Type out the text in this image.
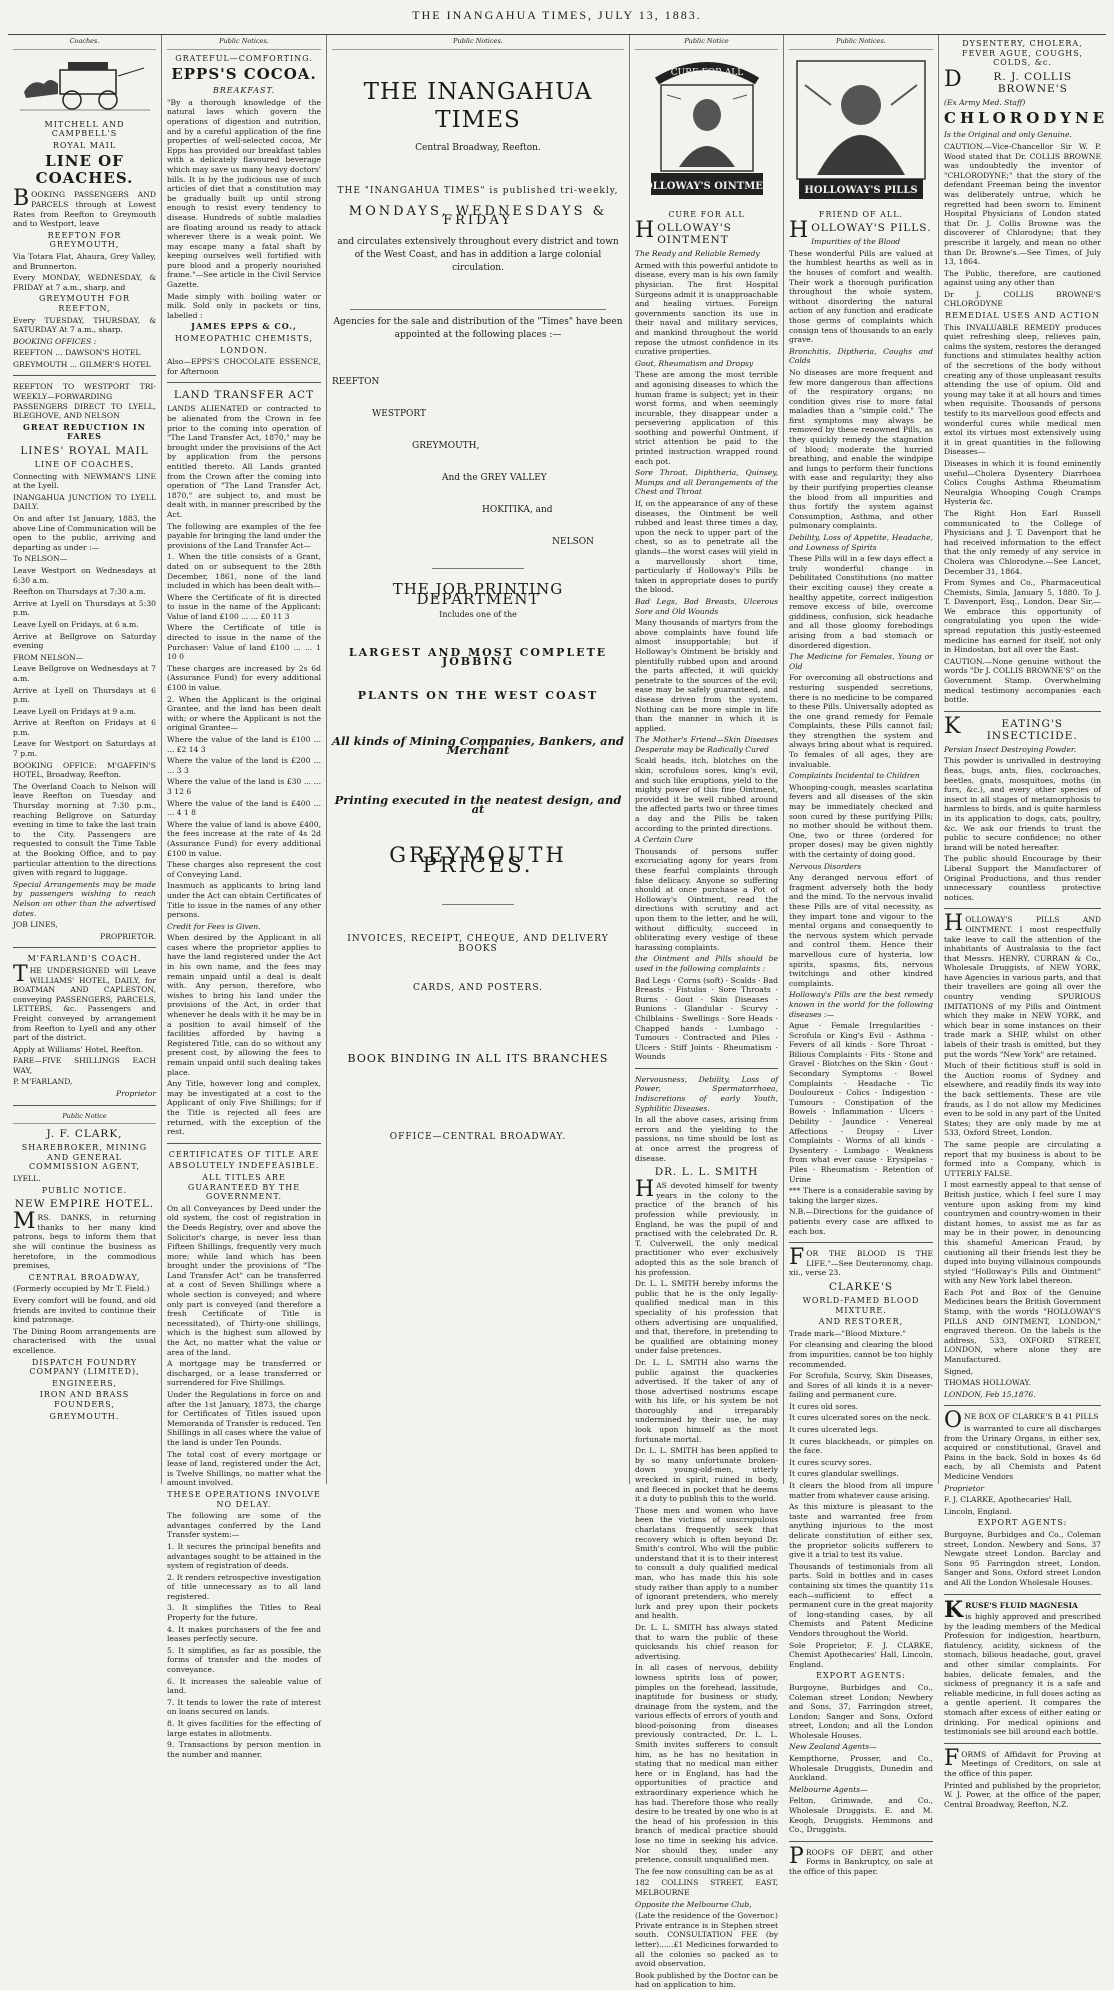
THE INANGAHUA TIMES, JULY 13, 1883.
Coaches.
MITCHELL AND CAMPBELL'S
ROYAL MAIL
LINE OF COACHES.
BOOKING PASSENGERS AND PARCELS through at Lowest Rates from Reefton to Greymouth and to Westport, leave
REEFTON FOR GREYMOUTH,
Via Totara Flat, Ahaura, Grey Valley, and Brunnerton.
Every MONDAY, WEDNESDAY, & FRIDAY at 7 a.m., sharp, and
GREYMOUTH FOR REEFTON,
Every TUESDAY, THURSDAY, & SATURDAY At 7 a.m., sharp.
BOOKING OFFICES :
REEFTON ... DAWSON'S HOTEL
GREYMOUTH ... GILMER'S HOTEL
REEFTON TO WESTPORT TRI-WEEKLY—FORWARDING PASSENGERS DIRECT TO LYELL, BLEGHOVE, AND NELSON
GREAT REDUCTION IN FARES
LINES' ROYAL MAIL
LINE OF COACHES,
Connecting with NEWMAN'S LINE at the Lyell.
INANGAHUA JUNCTION TO LYELL DAILY.
On and after 1st January, 1883, the above Line of Communication will be open to the public, arriving and departing as under :—
To NELSON—
Leave Westport on Wednesdays at 6:30 a.m.
Reefton on Thursdays at 7:30 a.m.
Arrive at Lyell on Thursdays at 5:30 p.m.
Leave Lyell on Fridays, at 6 a.m.
Arrive at Bellgrove on Saturday evening
FROM NELSON—
Leave Bellgrove on Wednesdays at 7 a.m.
Arrive at Lyell on Thursdays at 6 p.m.
Leave Lyell on Fridays at 9 a.m.
Arrive at Reefton on Fridays at 6 p.m.
Leave for Westport on Saturdays at 7 p.m.
BOOKING OFFICE: M'GAFFIN'S HOTEL, Broadway, Reefton.
The Overland Coach to Nelson will leave Reefton on Tuesday and Thursday morning at 7:30 p.m., reaching Bellgrove on Saturday evening in time to take the last train to the City. Passengers are requested to consult the Time Table at the Booking Office, and to pay particular attention to the directions given with regard to luggage.
Special Arrangements may be made by passengers wishing to reach Nelson on other than the advertised dates.
JOB LINES,
PROPRIETOR.
M'FARLAND'S COACH.
THE UNDERSIGNED will Leave WILLIAMS' HOTEL, DAILY, for BOATMAN AND CAPLESTON, conveying PASSENGERS, PARCELS, LETTERS, &c. Passengers and Freight conveyed by arrangement from Reefton to Lyell and any other part of the district.
Apply at Williams' Hotel, Reefton.
FARE—FIVE SHILLINGS EACH WAY,
P. M'FARLAND,
Proprietor
Public Notice
J. F. CLARK,
SHAREBROKER, MINING AND GENERAL COMMISSION AGENT,
LYELL.
PUBLIC NOTICE.
NEW EMPIRE HOTEL.
MRS. DANKS, in returning thanks to her many kind patrons, begs to inform them that she will continue the business as heretofore, in the commodious premises,
CENTRAL BROADWAY,
(Formerly occupied by Mr T. Field.)
Every comfort will be found, and old friends are invited to continue their kind patronage.
The Dining Room arrangements are characterised with the usual excellence.
DISPATCH FOUNDRY COMPANY (LIMITED),
ENGINEERS,
IRON AND BRASS FOUNDERS,
GREYMOUTH.
Public Notices.
GRATEFUL—COMFORTING.
EPPS'S COCOA.
BREAKFAST.
"By a thorough knowledge of the natural laws which govern the operations of digestion and nutrition, and by a careful application of the fine properties of well-selected cocoa, Mr Epps has provided our breakfast tables with a delicately flavoured beverage which may save us many heavy doctors' bills. It is by the judicious use of such articles of diet that a constitution may be gradually built up until strong enough to resist every tendency to disease. Hundreds of subtle maladies are floating around us ready to attack wherever there is a weak point. We may escape many a fatal shaft by keeping ourselves well fortified with pure blood and a properly nourished frame."—See article in the Civil Service Gazette.
Made simply with boiling water or milk. Sold only in packets or tins, labelled :
JAMES EPPS & CO.,
HOMEOPATHIC CHEMISTS,
LONDON.
Also—EPPS'S CHOCOLATE ESSENCE, for Afternoon
LAND TRANSFER ACT
LANDS ALIENATED or contracted to be alienated from the Crown in fee prior to the coming into operation of "The Land Transfer Act, 1870," may be brought under the provisions of the Act by application from the persons entitled thereto. All Lands granted from the Crown after the coming into operation of "The Land Transfer Act, 1870," are subject to, and must be dealt with, in manner prescribed by the Act.
The following are examples of the fee payable for bringing the land under the provisions of the Land Transfer Act—
1. When the title consists of a Grant, dated on or subsequent to the 28th December, 1861, none of the land included in which has been dealt with—
Where the Certificate of fit is directed to issue in the name of the Applicant: Value of land £100 ... ... £0 11 3
Where the Certificate of title is directed to issue in the name of the Purchaser: Value of land £100 ... ... 1 10 0
These charges are increased by 2s 6d (Assurance Fund) for every additional £100 in value.
2. When the Applicant is the original Grantee, and the land has been dealt with; or where the Applicant is not the original Grantee—
Where the value of the land is £100 ... ... £2 14 3
Where the value of the land is £200 ... ... 3 3
Where the value of the land is £30 ... ... 3 12 6
Where the value of the land is £400 ... ... 4 1 8
Where the value of land is above £400, the fees increase at the rate of 4s 2d (Assurance Fund) for every additional £100 in value.
These charges also represent the cost of Conveying Land.
Inasmuch as applicants to bring land under the Act can obtain Certificates of Title to issue in the names of any other persons.
Credit for Fees is Given.
When desired by the Applicant in all cases where the proprietor applies to have the land registered under the Act in his own name, and the fees may remain unpaid until a deal is dealt with. Any person, therefore, who wishes to bring his land under the provisions of the Act, in order that whenever he deals with it he may be in a position to avail himself of the facilities afforded by having a Registered Title, can do so without any present cost, by allowing the fees to remain unpaid until such dealing takes place.
Any Title, however long and complex, may be investigated at a cost to the Applicant of only Five Shillings; for if the Title is rejected all fees are returned, with the exception of the rest.
CERTIFICATES OF TITLE ARE
ABSOLUTELY INDEFEASIBLE.
ALL TITLES ARE GUARANTEED BY THE GOVERNMENT.
On all Conveyances by Deed under the old system, the cost of registration in the Deeds Registry, over and above the Solicitor's charge, is never less than Fifteen Shillings, frequently very much more; while land which has been brought under the provisions of "The Land Transfer Act" can be transferred at a cost of Seven Shillings where a whole section is conveyed; and where only part is conveyed (and therefore a fresh Certificate of Title is necessitated), of Thirty-one shillings, which is the highest sum allowed by the Act, no matter what the value or area of the land.
A mortgage may be transferred or discharged, or a lease transferred or surrendered for Five Shillings.
Under the Regulations in force on and after the 1st January, 1873, the charge for Certificates of Titles issued upon Memoranda of Transfer is reduced. Ten Shillings in all cases where the value of the land is under Ten Pounds.
The total cost of every mortgage or lease of land, registered under the Act, is Twelve Shillings, no matter what the amount involved.
THESE OPERATIONS INVOLVE NO DELAY.
The following are some of the advantages conferred by the Land Transfer system:—
1. It secures the principal benefits and advantages sought to be attained in the system of registration of deeds.
2. It renders retrospective investigation of title unnecessary as to all land registered.
3. It simplifies the Titles to Real Property for the future.
4. It makes purchasers of the fee and leases perfectly secure.
5. It simplifies, as far as possible, the forms of transfer and the modes of conveyance.
6. It increases the saleable value of land.
7. It tends to lower the rate of interest on loans secured on lands.
8. It gives facilities for the effecting of large estates in allotments.
9. Transactions by person mention in the number and manner.
Public Notices.
THE INANGAHUA TIMES
Central Broadway, Reefton.
THE "INANGAHUA TIMES" is published tri-weekly,
MONDAYS, WEDNESDAYS & FRIDAY
and circulates extensively throughout every district and town of the West Coast, and has in addition a large colonial circulation.
Agencies for the sale and distribution of the "Times" have been appointed at the following places :—
REEFTON
WESTPORT
GREYMOUTH,
And the GREY VALLEY
HOKITIKA, and
NELSON
THE JOB PRINTING DEPARTMENT
Includes one of the
LARGEST AND MOST COMPLETE JOBBING
PLANTS ON THE WEST COAST
All kinds of Mining Companies, Bankers, and Merchant
Printing executed in the neatest design, and at
GREYMOUTH PRICES.
INVOICES, RECEIPT, CHEQUE, AND DELIVERY BOOKS
CARDS, AND POSTERS.
BOOK BINDING IN ALL ITS BRANCHES
OFFICE—CENTRAL BROADWAY.
Public Notice
CURE FOR ALL
HOLLOWAY'S OINTMENT
CURE FOR ALL
HOLLOWAY'S OINTMENT
The Ready and Reliable Remedy
Armed with this powerful antidote to disease, every man is his own family physician. The first Hospital Surgeons admit it is unapproachable and healing virtues. Foreign governments sanction its use in their naval and military services, and mankind throughout the world repose the utmost confidence in its curative properties.
Gout, Rheumatism and Dropsy
These are among the most terrible and agonising diseases to which the human frame is subject; yet in their worst forms, and when seemingly incurable, they disappear under a persevering application of this soothing and powerful Ointment, if strict attention be paid to the printed instruction wrapped round each pot.
Sore Throat, Diphtheria, Quinsey, Mumps and all Derangements of the Chest and Throat
If, on the appearance of any of these diseases, the Ointment be well rubbed and least three times a day, upon the neck to upper part of the chest, so as to penetrate all the glands—the worst cases will yield in a marvellously short time, particularly if Holloway's Pills be taken in appropriate doses to purify the blood.
Bad Legs, Bad Breasts, Ulcerous Sore and Old Wounds
Many thousands of martyrs from the above complaints have found life almost insupportable; but if Holloway's Ointment be briskly and plentifully rubbed upon and around the parts affected, it will quickly penetrate to the sources of the evil; ease may be safely guaranteed, and disease driven from the system. Nothing can be more simple in life than the manner in which it is applied.
The Mother's Friend—Skin Diseases Desperate may be Radically Cured
Scald heads, itch, blotches on the skin, scrofulous sores, king's evil, and such like eruptions, yield to the mighty power of this fine Ointment, provided it be well rubbed around the affected parts two or three times a day and the Pills be taken according to the printed directions.
A Certain Cure
Thousands of persons suffer excruciating agony for years from these fearful complaints through false delicacy. Anyone so suffering should at once purchase a Pot of Holloway's Ointment, read the directions with scrutiny and act upon them to the letter, and he will, without difficulty, succeed in obliterating every vestige of these harassing complaints.
the Ointment and Pills should be used in the following complaints :
Bad Legs · Corns (soft) · Scalds · Bad Breasts · Fistulas · Sore Throats · Burns · Gout · Skin Diseases · Bunions · Glandular · Scurvy · Chilblains · Swellings · Sore Heads · Chapped hands · Lumbago · Tumours · Contracted and Piles · Ulcers · Stiff Joints · Rheumatism · Wounds
Nervousness, Debility, Loss of Power, Spermatorrhoea, Indiscretions of early Youth, Syphilitic Diseases.
In all the above cases, arising from errors and the yielding to the passions, no time should be lost as at once arrest the progress of disease.
DR. L. L. SMITH
HAS devoted himself for twenty years in the colony to the practice of the branch of his profession while previously, in England, he was the pupil of and practised with the celebrated Dr. R. T. Culverwell, the only medical practitioner who ever exclusively adopted this as the sole branch of his profession.
Dr. L. L. SMITH hereby informs the public that he is the only legally-qualified medical man in this speciality of his profession that others advertising are unqualified, and that, therefore, in pretending to be qualified are obtaining money under false pretences.
Dr. L. L. SMITH also warns the public against the quackeries advertised. If the taker of any of those advertised nostrums escape with his life, or his system be not thoroughly and irreparably undermined by their use, he may look upon himself as the most fortunate mortal.
Dr. L. L. SMITH has been applied to by so many unfortunate broken-down young-old-men, utterly wrecked in spirit, ruined in body, and fleeced in pocket that he deems it a duty to publish this to the world.
Those men and women who have been the victims of unscrupulous charlatans frequently seek that recovery which is often beyond Dr. Smith's control. Who will the public understand that it is to their interest to consult a duly qualified medical man, who has made this his sole study rather than apply to a number of ignorant pretenders, who merely lurk and prey upon their pockets and health.
Dr. L. L. SMITH has always stated that to warn the public of these quicksands his chief reason for advertising.
In all cases of nervous, debility lowness spirits loss of power, pimples on the forehead, lassitude, inaptitude for business or study, drainage from the system, and the various effects of errors of youth and blood-poisoning from diseases previously contracted, Dr. L. L. Smith invites sufferers to consult him, as he has no hesitation in stating that no medical man either here or in England, has had the opportunities of practice and extraordinary experience which he has had. Therefore those who really desire to be treated by one who is at the head of his profession in this branch of medical practice should lose no time in seeking his advice. Nor should they, under any pretence, consult unqualified men.
The fee now consulting can be as at
182 COLLINS STREET, EAST, MELBOURNE
Opposite the Melbourne Club,
(Late the residence of the Governor.) Private entrance is in Stephen street south. CONSULTATION FEE (by letter)......£1 Medicines forwarded to all the colonies so packed as to avoid observation.
Book published by the Doctor can be had on application to him.
Public Notices.
HOLLOWAY'S PILLS
FRIEND OF ALL.
HOLLOWAY'S PILLS.
Impurities of the Blood
These wonderful Pills are valued at the humblest hearths as well as in the houses of comfort and wealth. Their work a thorough purification throughout the whole system, without disordering the natural action of any function and eradicate those germs of complaints which consign tens of thousands to an early grave.
Bronchitis, Diptheria, Coughs and Colds
No diseases are more frequent and few more dangerous than affections of the respiratory organs; no condition gives rise to more fatal maladies than a "simple cold." The first symptoms may always be removed by these renowned Pills, as they quickly remedy the stagnation of blood; moderate the hurried breathing, and enable the windpipe and lungs to perform their functions with ease and regularity; they also by their purifying properties cleanse the blood from all impurities and thus fortify the system against Consumption, Asthma, and other pulmonary complaints.
Debility, Loss of Appetite, Headache, and Lowness of Spirits
These Pills will in a few days effect a truly wonderful change in Debilitated Constitutions (no matter their exciting cause) they create a healthy appetite, correct indigestion remove excess of bile, overcome giddiness, confusion, sick headache and all those gloomy forebodings arising from a bad stomach or disordered digestion.
The Medicine for Females, Young or Old
For overcoming all obstructions and restoring suspended secretions, there is no medicine to be compared to these Pills. Universally adopted as the one grand remedy for Female Complaints, these Pills cannot fail; they strengthen the system and always bring about what is required. To females of all ages, they are invaluable.
Complaints Incidental to Children
Whooping-cough, measles scarlatina fevers and all diseases of the skin may be immediately checked and soon cured by these purifying Pills; no mother should be without them. One, two or three (ordered for proper doses) may be given nightly with the certainty of doing good.
Nervous Disorders
Any deranged nervous effort of fragment adversely both the body and the mind. To the nervous invalid these Pills are of vital necessity, as they impart tone and vigour to the mental organs and consequently to the nervous system which pervade and control them. Hence their marvellous cure of hysteria, low spirits, spasms, fits, nervous twitchings and other kindred complaints.
Holloway's Pills are the best remedy known in the world for the following diseases :—
Ague · Female Irregularities · Scrofula or King's Evil · Asthma · Fevers of all kinds · Sore Throat · Bilious Complaints · Fits · Stone and Gravel · Blotches on the Skin · Gout · Secondary Symptoms · Bowel Complaints · Headache · Tic Douloureux · Colics · Indigestion · Tumours · Constipation of the Bowels · Inflammation · Ulcers · Debility · Jaundice · Venereal Affections · Dropsy · Liver Complaints · Worms of all kinds · Dysentery · Lumbago · Weakness from what ever cause · Erysipelas · Piles · Rheumatism · Retention of Urine
*** There is a considerable saving by taking the larger sizes.
N.B.—Directions for the guidance of patients every case are affixed to each box.
FOR THE BLOOD IS THE LIFE."—See Deuteronomy, chap. xii., verse 23.
CLARKE'S
WORLD-FAMED BLOOD MIXTURE.
AND RESTORER,
Trade mark—"Blood Mixture."
For cleansing and clearing the blood from impurities, cannot be too highly recommended.
For Scrofula, Scurvy, Skin Diseases, and Sores of all kinds it is a never-failing and permanent cure.
It cures old sores.
It cures ulcerated sores on the neck.
It cures ulcerated legs.
It cures blackheads, or pimples on the face.
It cures scurvy sores.
It cures glandular swellings.
It clears the blood from all impure matter from whatever cause arising.
As this mixture is pleasant to the taste and warranted free from anything injurious to the most delicate constitution of either sex, the proprietor solicits sufferers to give it a trial to test its value.
Thousands of testimonials from all parts. Sold in bottles and in cases containing six times the quantity 11s each—sufficient to effect a permanent cure in the great majority of long-standing cases, by all Chemists and Patent Medicine Vendors throughout the World.
Sole Proprietor, F. J. CLARKE, Chemist Apothecaries' Hall, Lincoln, England.
EXPORT AGENTS:
Burgoyne, Burbidges and Co., Coleman street London; Newbery and Sons, 37, Farringdon street, London; Sanger and Sons, Oxford street, London; and all the London Wholesale Houses.
New Zealand Agents—
Kempthorne, Prosser, and Co., Wholesale Druggists, Dunedin and Auckland.
Melbourne Agents—
Felton, Grimwade, and Co., Wholesale Druggists. E. and M. Keogh, Druggists. Hemmons and Co., Druggists.
PROOFS OF DEBT, and other Forms in Bankruptcy, on sale at the office of this paper.
DYSENTERY, CHOLERA, FEVER AGUE, COUGHS, COLDS, &c.
DR. J. COLLIS BROWNE'S
(Ex Army Med. Staff)
CHLORODYNE
Is the Original and only Genuine.
CAUTION.—Vice-Chancellor Sir W. P. Wood stated that Dr. COLLIS BROWNE was undoubtedly the inventor of "CHLORODYNE;" that the story of the defendant Freeman being the inventor was deliberately untrue, which he regretted had been sworn to. Eminent Hospital Physicians of London stated that Dr. J. Collis Browne was the discoverer of Chlorodyne; that they prescribe it largely, and mean no other than Dr. Browne's.—See Times, of July 13, 1864.
The Public, therefore, are cautioned against using any other than
Dr J. COLLIS BROWNE'S CHLORODYNE
REMEDIAL USES AND ACTION
This INVALUABLE REMEDY produces quiet refreshing sleep, relieves pain, calms the system, restores the deranged functions and stimulates healthy action of the secretions of the body without creating any of those unpleasant results attending the use of opium. Old and young may take it at all hours and times when requisite. Thousands of persons testify to its marvellous good effects and wonderful cures while medical men extol its virtues most extensively using it in great quantities in the following Diseases—
Diseases in which it is found eminently useful—Cholera Dysentery Diarrhoea Colics Coughs Asthma Rheumatism Neuralgia Whooping Cough Cramps Hysteria &c.
The Right Hon Earl Russell communicated to the College of Physicians and J. T. Davenport that he had received information to the effect that the only remedy of any service in Cholera was Chlorodyne.—See Lancet, December 31, 1864.
From Symes and Co., Pharmaceutical Chemists, Simla, January 5, 1880. To J. T. Davenport, Esq., London. Dear Sir,—We embrace this opportunity of congratulating you upon the wide-spread reputation this justly-esteemed medicine has earned for itself, not only in Hindostan, but all over the East.
CAUTION.—None genuine without the words "Dr J. COLLIS BROWNE'S" on the Government Stamp. Overwhelming medical testimony accompanies each bottle.
KEATING'S INSECTICIDE.
Persian Insect Destroying Powder.
This powder is unrivalled in destroying fleas, bugs, ants, flies, cockroaches, beetles, gnats, mosquitoes, moths (in furs, &c.), and every other species of insect in all stages of metamorphosis to harmless to birds, and is quite harmless in its application to dogs, cats, poultry, &c. We ask our friends to trust the public to secure confidence; no other brand will be noted hereafter.
The public should Encourage by their Liberal Support the Manufacturer of Original Productions, and thus render unnecessary countless protective notices.
HOLLOWAY'S PILLS AND OINTMENT. I most respectfully take leave to call the attention of the inhabitants of Australasia to the fact that Messrs. HENRY, CURRAN & Co., Wholesale Druggists, of NEW YORK, have Agencies in various parts, and that their travellers are going all over the country vending SPURIOUS IMITATIONS of my Pills and Ointment which they make in NEW YORK, and which bear in some instances on their trade mark a SHIP, whilst on other labels of their trash is omitted, but they put the words "New York" are retained.
Much of their fictitious stuff is sold in the Auction rooms of Sydney and elsewhere, and readily finds its way into the back settlements. These are vile frauds, as I do not allow my Medicines even to be sold in any part of the United States; they are only made by me at 533, Oxford Street, London.
The same people are circulating a report that my business is about to be formed into a Company, which is UTTERLY FALSE.
I most earnestly appeal to that sense of British justice, which I feel sure I may venture upon asking from my kind countrymen and country-women in their distant homes, to assist me as far as may be in their power, in denouncing this shameful American Fraud, by cautioning all their friends lest they be duped into buying villainous compounds styled "Holloway's Pills and Ointment" with any New York label thereon.
Each Pot and Box of the Genuine Medicines bears the British Government Stamp, with the words "HOLLOWAY'S PILLS AND OINTMENT, LONDON," engraved thereon. On the labels is the address, 533, OXFORD STREET, LONDON, where alone they are Manufactured.
Signed,
THOMAS HOLLOWAY.
LONDON, Feb 15,1876.
ONE BOX OF CLARKE'S B 41 PILLS
is warranted to cure all discharges from the Urinary Organs, in either sex, acquired or constitutional, Gravel and Pains in the back. Sold in boxes 4s 6d each, by all Chemists and Patent Medicine Vendors
Proprietor
F. J. CLARKE, Apothecaries' Hall,
Lincoln, England.
EXPORT AGENTS:
Burgoyne, Burbidges and Co., Coleman street, London. Newbery and Sons, 37 Newgate street London. Barclay and Sons 95 Farringdon street, London. Sanger and Sons, Oxford street London and All the London Wholesale Houses.
KRUSE'S FLUID MAGNESIA
is highly approved and prescribed by the leading members of the Medical Profession for indigestion, heartburn, flatulency, acidity, sickness of the stomach, bilious headache, gout, gravel and other similar complaints. For babies, delicate females, and the sickness of pregnancy it is a safe and reliable medicine, in full doses acting as a gentle aperient. It compares the stomach after excess of either eating or drinking. For medical opinions and testimonials see bill around each bottle.
FORMS of Affidavit for Proving at Meetings of Creditors, on sale at the office of this paper.
Printed and published by the proprietor, W. J. Power, at the office of the paper, Central Broadway, Reefton, N.Z.
